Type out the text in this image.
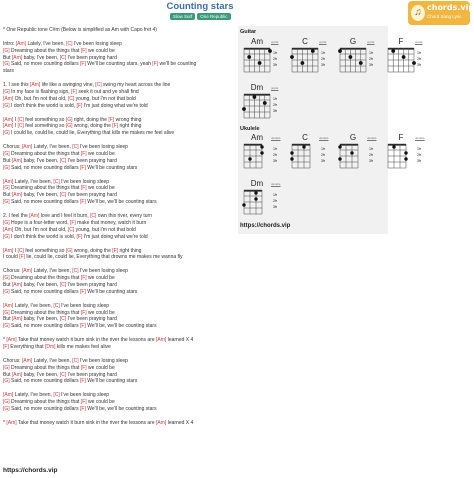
Counting stars
Slow Surf	One Republic	♫ chords.vip
Chord Song Lyric
* One Republic tone C#m (Below is simplified as Am with Capo fret 4)
Intro: [Am] Lately, I've been, [C] I've been losing sleep
[G] Dreaming about the things that [F] we could be
But [Am] baby, I've been, [C] I've been praying hard
[G] Said, no more counting dollars [F] We'll be counting stars, yeah [F] we'll be counting
stars
1. I see this [Am] life like a swinging vine, [C] swing my heart across the line
[G] In my face is flashing sign, [F] seek it out and ye shall find
[Am] Oh, but I'm not that old, [C] young, but I'm not that bold
[G] I don't think the world is sold, [F] I'm just doing what we're told
[Am] I [C] feel something so [G] right, doing the [F] wrong thing
[Am] I [C] feel something so [G] wrong, doing the [F] right thing
[G] I could lie, could lie, could lie, Everything that kills me makes me feel alive
Chorus: [Am] Lately, I've been, [C] I've been losing sleep
[G] Dreaming about the things that [F] we could be
But [Am] baby, I've been, [C] I've been praying hard
[G] Said, no more counting dollars [F] We'll be counting stars
[Am] Lately, I've been, [C] I've been losing sleep
[G] Dreaming about the things that [F] we could be
But [Am] baby, I've been, [C] I've been praying hard
[G] Said, no more counting dollars [F] We'll be, we'll be counting stars
2. I feel the [Am] love and I feel it burn, [C] own this river, every turn
[G] Hope is a four-letter word, [F] make that money, watch it burn
[Am] Oh, but I'm not that old, [C] young, but I'm not that bold
[G] I don't think the world is sold, [F] I'm just doing what we're told
[Am] I [C] feel something so [G] wrong, doing the [F] right thing
I could [F] lie, could lie, could lie, Everything that drowns me makes me wanna fly
Chorus: [Am] Lately, I've been, [C] I've been losing sleep
[G] Dreaming about the things that [F] we could be
But [Am] baby, I've been, [C] I've been praying hard
[G] Said, no more counting dollars [F] We'll be counting stars
[Am] Lately, I've been, [C] I've been losing sleep
[G] Dreaming about the things that [F] we could be
But [Am] baby, I've been, [C] I've been praying hard
[G] Said, no more counting dollars [F] We'll be, we'll be counting stars
* [Am] Take that money watch it burn sink in the river the lessons are [Am] learned X 4
[F] Everything that [Dm] kills me makes feel alive
Chorus: [Am] Lately, I've been, [C] I've been losing sleep
[G] Dreaming about the things that [F] we could be
But [Am] baby, I've been, [C] I've been praying hard
[G] Said, no more counting dollars [F] We'll be counting stars
[Am] Lately, I've been, [C] I've been losing sleep
[G] Dreaming about the things that [F] we could be
[G] Said, no more counting dollars [F] We'll be, we'll be counting stars
* [Am] Take that money watch it burn sink in the river the lessons are [Am] learned X 4
https://chords.vip
Guitar
Ukulele
Am	guitar
1fr
2fr
3fr
C	guitar
1fr
2fr
3fr
G	guitar
1fr
2fr
3fr
F	guitar
1fr
2fr
3fr
Dm	guitar
1fr
2fr
3fr
Am	ukulele
1fr
2fr
3fr
C	ukulele
1fr
2fr
3fr
G	ukulele
1fr
2fr
3fr
F	ukulele
1fr
2fr
3fr
Dm	ukulele
1fr
2fr
3fr
https://chords.vip
